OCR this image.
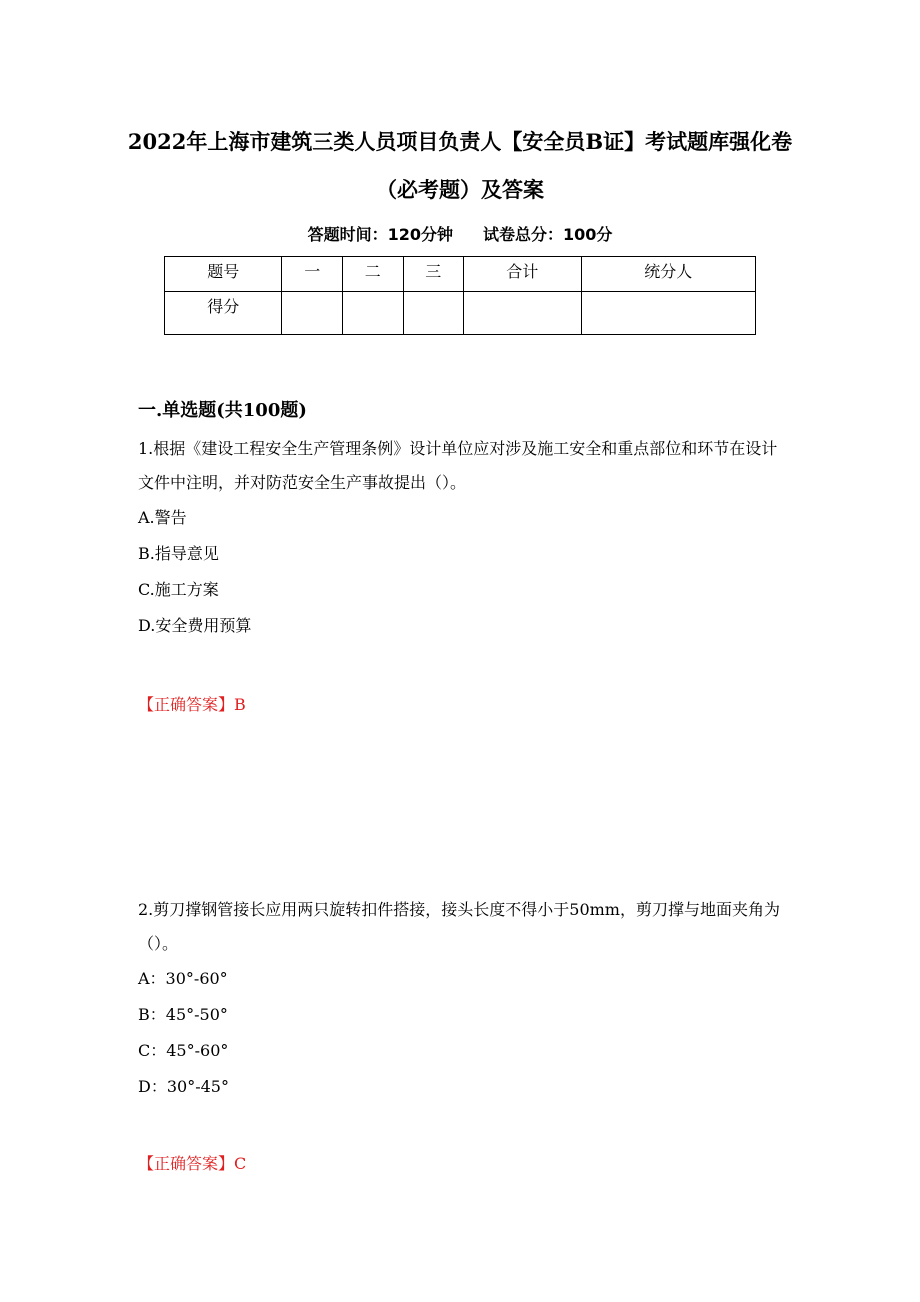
2022年上海市建筑三类人员项目负责人【安全员B证】考试题库强化卷（必考题）及答案
答题时间：120分钟 试卷总分：100分
题号	一	二	三	合计	统分人
得分					
一.单选题(共100题)

1.根据《建设工程安全生产管理条例》设计单位应对涉及施工安全和重点部位和环节在设计文件中注明，并对防范安全生产事故提出（）。

A.警告

B.指导意见

C.施工方案

D.安全费用预算

【正确答案】B

2.剪刀撑钢管接长应用两只旋转扣件搭接，接头长度不得小于50mm，剪刀撑与地面夹角为（）。

A：30°-60°

B：45°-50°

C：45°-60°

D：30°-45°

【正确答案】C
